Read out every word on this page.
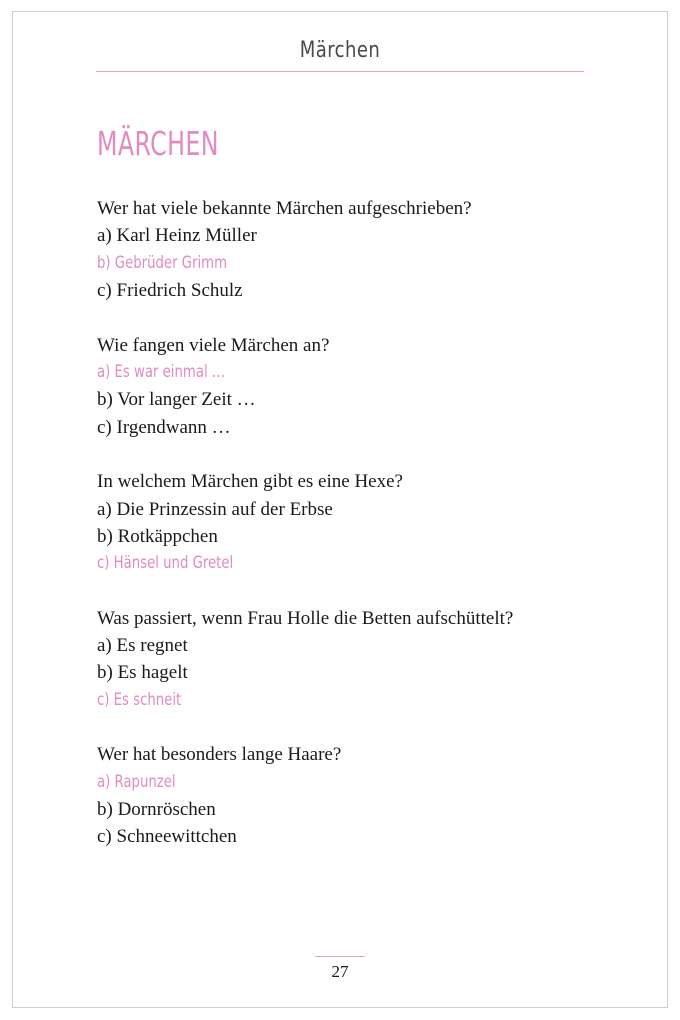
Märchen
MÄRCHEN
Wer hat viele bekannte Märchen aufgeschrieben?
a) Karl Heinz Müller
b) Gebrüder Grimm
c) Friedrich Schulz
Wie fangen viele Märchen an?
a) Es war einmal …
b) Vor langer Zeit …
c) Irgendwann …
In welchem Märchen gibt es eine Hexe?
a) Die Prinzessin auf der Erbse
b) Rotkäppchen
c) Hänsel und Gretel
Was passiert, wenn Frau Holle die Betten aufschüttelt?
a) Es regnet
b) Es hagelt
c) Es schneit
Wer hat besonders lange Haare?
a) Rapunzel
b) Dornröschen
c) Schneewittchen
27
